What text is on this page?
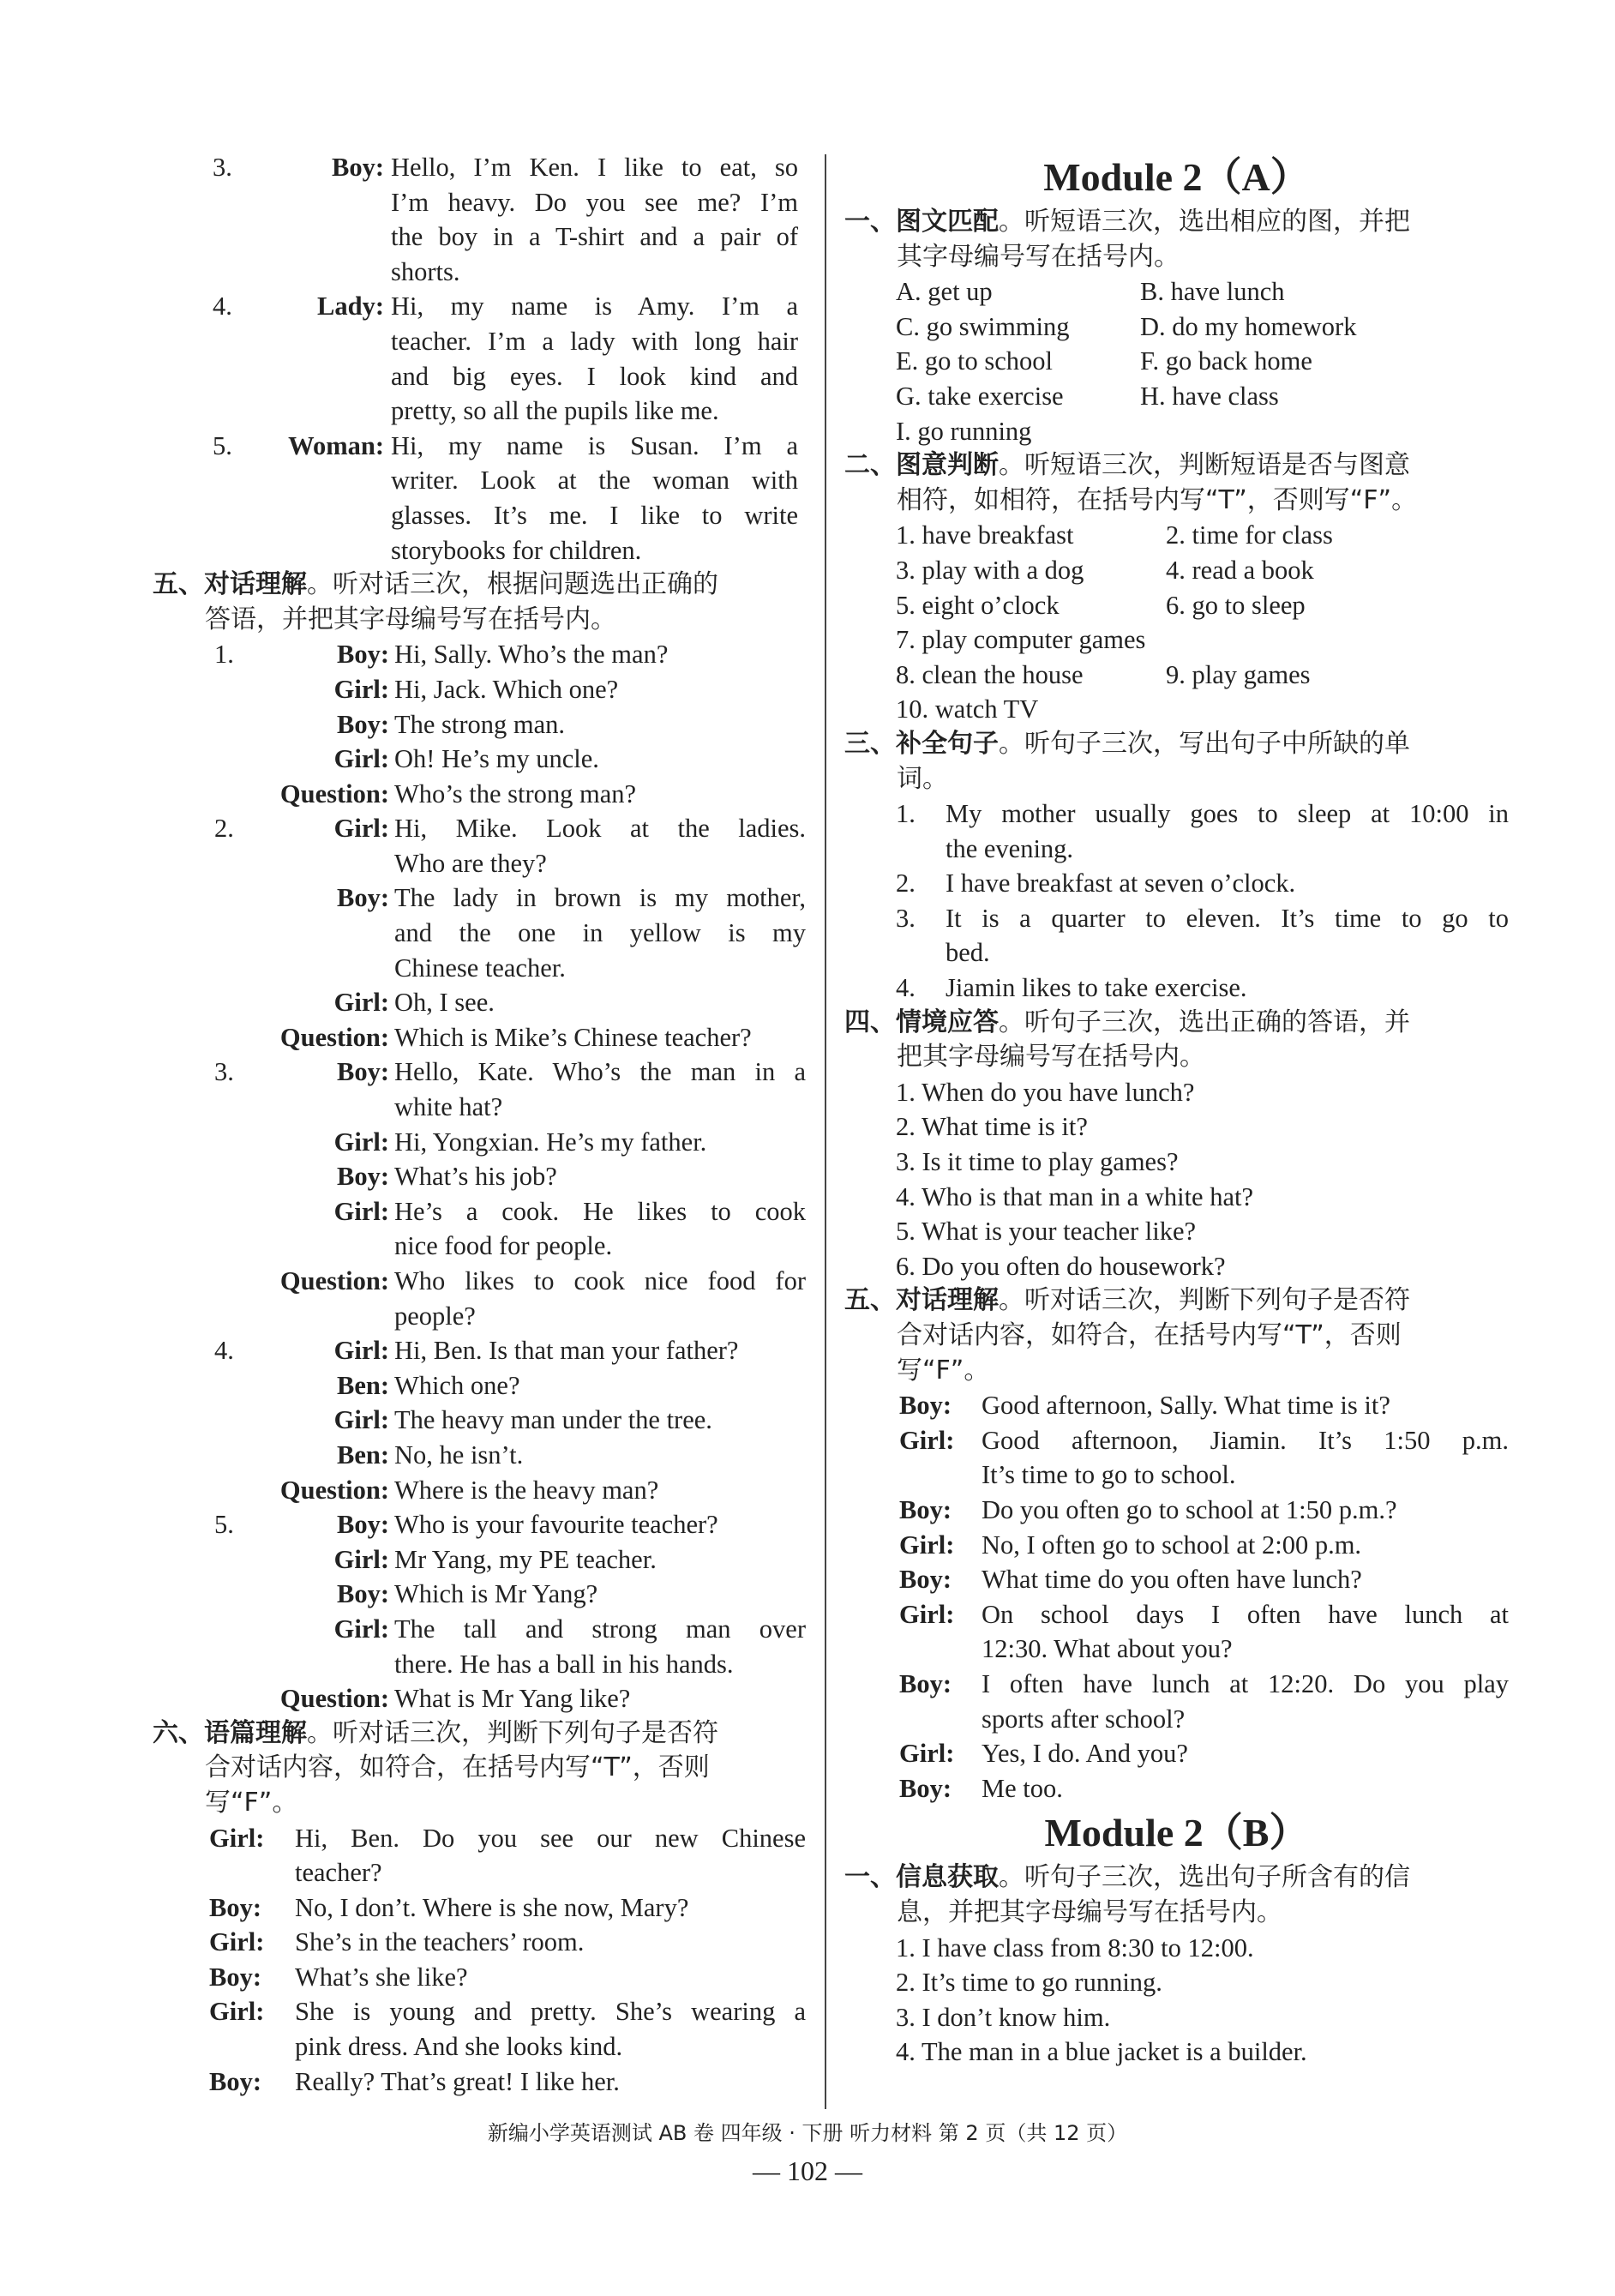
3.	Boy: Hello, I’m Ken. I like to eat, so
I’m heavy. Do you see me? I’m
the boy in a T-shirt and a pair of
shorts.
4.	Lady: Hi, my name is Amy. I’m a
teacher. I’m a lady with long hair
and big eyes. I look kind and
pretty, so all the pupils like me.
5. Woman: Hi, my name is Susan. I’m a
writer. Look at the woman with
glasses. It’s me. I like to write
storybooks for children.
五、对话理解。听对话三次，根据问题选出正确的
答语，并把其字母编号写在括号内。
1.	Boy: Hi, Sally. Who’s the man?
Girl: Hi, Jack. Which one?
Boy: The strong man.
Girl: Oh! He’s my uncle.
Question: Who’s the strong man?
2.	Girl: Hi, Mike. Look at the ladies.
Who are they?
Boy: The lady in brown is my mother,
and the one in yellow is my
Chinese teacher.
Girl: Oh, I see.
Question: Which is Mike’s Chinese teacher?
3.	Boy: Hello, Kate. Who’s the man in a
white hat?
Girl: Hi, Yongxian. He’s my father.
Boy: What’s his job?
Girl: He’s a cook. He likes to cook
nice food for people.
Question: Who likes to cook nice food for
people?
4.	Girl: Hi, Ben. Is that man your father?
Ben: Which one?
Girl: The heavy man under the tree.
Ben: No, he isn’t.
Question: Where is the heavy man?
5.	Boy: Who is your favourite teacher?
Girl: Mr Yang, my PE teacher.
Boy: Which is Mr Yang?
Girl: The tall and strong man over
there. He has a ball in his hands.
Question: What is Mr Yang like?
六、语篇理解。听对话三次，判断下列句子是否符
合对话内容，如符合，在括号内写“T”，否则
写“F”。
Girl: Hi, Ben. Do you see our new Chinese
teacher?
Boy: No, I don’t. Where is she now, Mary?
Girl: She’s in the teachers’ room.
Boy: What’s she like?
Girl: She is young and pretty. She’s wearing a
pink dress. And she looks kind.
Boy: Really? That’s great! I like her.
Module 2（A）
一、图文匹配。听短语三次，选出相应的图，并把
其字母编号写在括号内。
A. get up	B. have lunch
C. go swimming	D. do my homework
E. go to school	F. go back home
G. take exercise	H. have class
I. go running
二、图意判断。听短语三次，判断短语是否与图意
相符，如相符，在括号内写“T”，否则写“F”。
1. have breakfast	2. time for class
3. play with a dog	4. read a book
5. eight o’clock	6. go to sleep
7. play computer games
8. clean the house	9. play games
10. watch TV
三、补全句子。听句子三次，写出句子中所缺的单
词。
1. My mother usually goes to sleep at 10:00 in
the evening.
2. I have breakfast at seven o’clock.
3. It is a quarter to eleven. It’s time to go to
bed.
4. Jiamin likes to take exercise.
四、情境应答。听句子三次，选出正确的答语，并
把其字母编号写在括号内。
1. When do you have lunch?
2. What time is it?
3. Is it time to play games?
4. Who is that man in a white hat?
5. What is your teacher like?
6. Do you often do housework?
五、对话理解。听对话三次，判断下列句子是否符
合对话内容，如符合，在括号内写“T”，否则
写“F”。
Boy: Good afternoon, Sally. What time is it?
Girl: Good afternoon, Jiamin. It’s 1:50 p.m.
It’s time to go to school.
Boy: Do you often go to school at 1:50 p.m.?
Girl: No, I often go to school at 2:00 p.m.
Boy: What time do you often have lunch?
Girl: On school days I often have lunch at
12:30. What about you?
Boy: I often have lunch at 12:20. Do you play
sports after school?
Girl: Yes, I do. And you?
Boy: Me too.
Module 2（B）
一、信息获取。听句子三次，选出句子所含有的信
息，并把其字母编号写在括号内。
1. I have class from 8:30 to 12:00.
2. It’s time to go running.
3. I don’t know him.
4. The man in a blue jacket is a builder.
新编小学英语测试 AB 卷 四年级 · 下册 听力材料 第 2 页（共 12 页）
— 102 —
